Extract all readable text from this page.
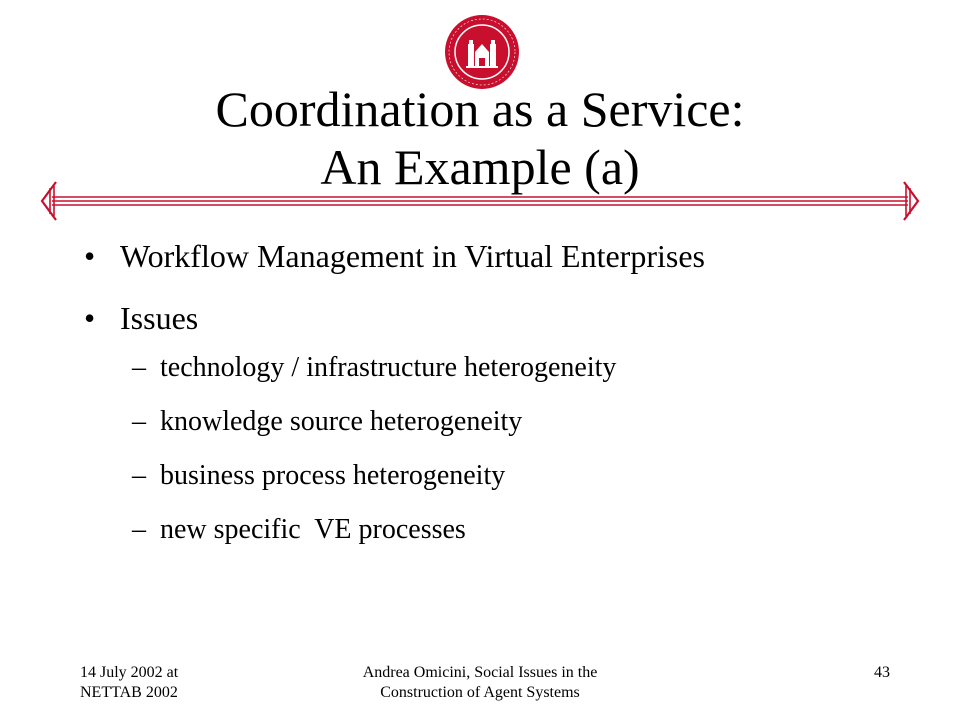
Coordination as a Service:
An Example (a)
• Workflow Management in Virtual Enterprises
• Issues
– technology / infrastructure heterogeneity
– knowledge source heterogeneity
– business process heterogeneity
– new specific  VE processes
14 July 2002 at
NETTAB 2002
Andrea Omicini, Social Issues in the
Construction of Agent Systems
43
